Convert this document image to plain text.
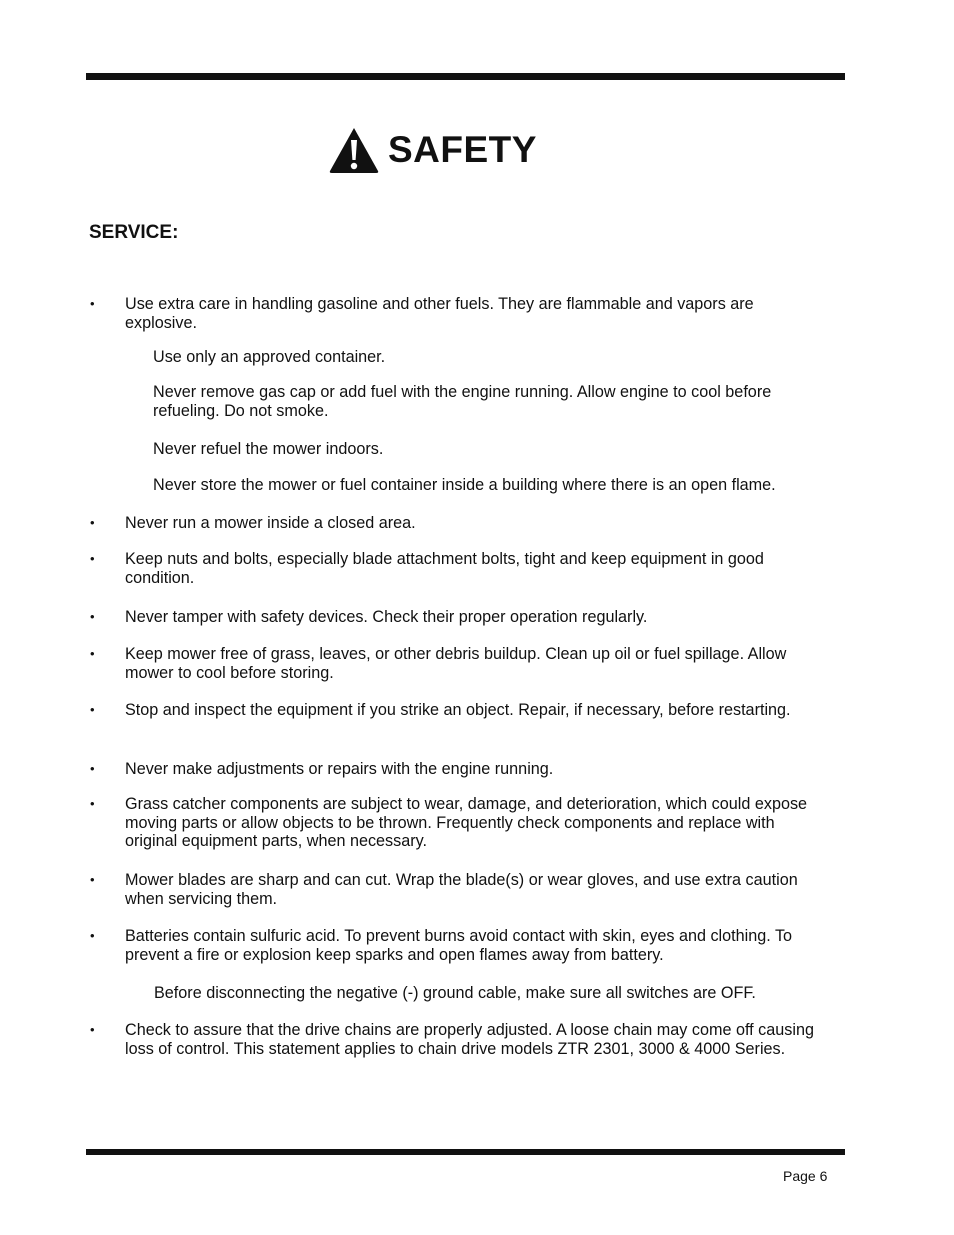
SAFETY
SERVICE:
• Use extra care in handling gasoline and other fuels. They are flammable and vapors are explosive.
Use only an approved container.
Never remove gas cap or add fuel with the engine running. Allow engine to cool before refueling. Do not smoke.
Never refuel the mower indoors.
Never store the mower or fuel container inside a building where there is an open flame.
• Never run a mower inside a closed area.
• Keep nuts and bolts, especially blade attachment bolts, tight and keep equipment in good condition.
• Never tamper with safety devices. Check their proper operation regularly.
• Keep mower free of grass, leaves, or other debris buildup. Clean up oil or fuel spillage. Allow mower to cool before storing.
• Stop and inspect the equipment if you strike an object. Repair, if necessary, before restarting.
• Never make adjustments or repairs with the engine running.
• Grass catcher components are subject to wear, damage, and deterioration, which could expose moving parts or allow objects to be thrown. Frequently check components and replace with original equipment parts, when necessary.
• Mower blades are sharp and can cut. Wrap the blade(s) or wear gloves, and use extra caution when servicing them.
• Batteries contain sulfuric acid. To prevent burns avoid contact with skin, eyes and clothing. To prevent a fire or explosion keep sparks and open flames away from battery.
Before disconnecting the negative (-) ground cable, make sure all switches are OFF.
• Check to assure that the drive chains are properly adjusted. A loose chain may come off causing loss of control. This statement applies to chain drive models ZTR 2301, 3000 & 4000 Series.
Page 6
